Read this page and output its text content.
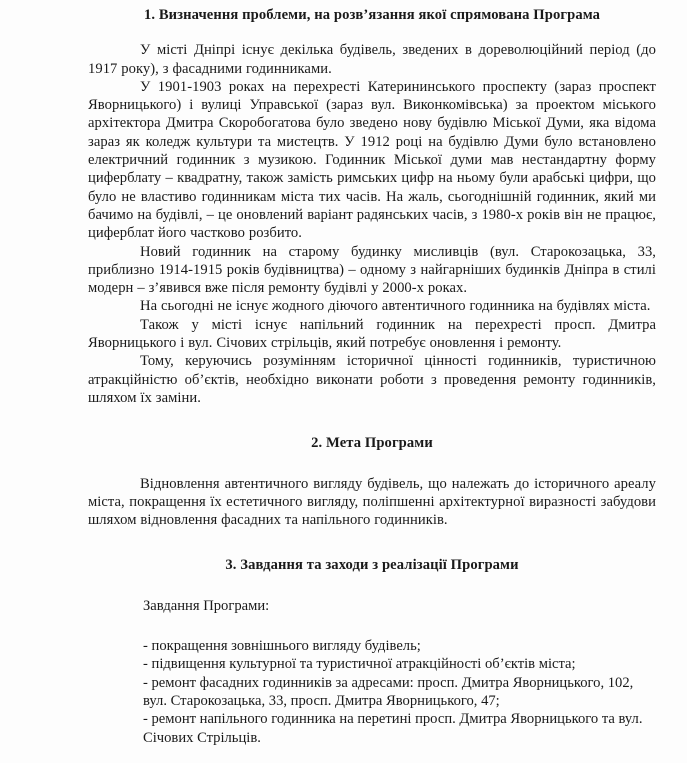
1. Визначення проблеми, на розв’язання якої спрямована Програма

У місті Дніпрі існує декілька будівель, зведених в дореволюційний період (до 1917 року), з фасадними годинниками.

У 1901-1903 роках на перехресті Катерининського проспекту (зараз проспект Яворницького) і вулиці Управської (зараз вул. Виконкомівська) за проектом міського архітектора Дмитра Скоробогатова було зведено нову будівлю Міської Думи, яка відома зараз як коледж культури та мистецтв. У 1912 році на будівлю Думи було встановлено електричний годинник з музикою. Годинник Міської думи мав нестандартну форму циферблату – квадратну, також замість римських цифр на ньому були арабські цифри, що було не властиво годинникам міста тих часів. На жаль, сьогоднішній годинник, який ми бачимо на будівлі, – це оновлений варіант радянських часів, з 1980-х років він не працює, циферблат його частково розбито.

Новий годинник на старому будинку мисливців (вул. Старокозацька, 33, приблизно 1914-1915 років будівництва) – одному з найгарніших будинків Дніпра в стилі модерн – з’явився вже після ремонту будівлі у 2000-х роках.

На сьогодні не існує жодного діючого автентичного годинника на будівлях міста.

Також у місті існує напільний годинник на перехресті просп. Дмитра Яворницького і вул. Січових стрільців, який потребує оновлення і ремонту.

Тому, керуючись розумінням історичної цінності годинників, туристичною атракційністю об’єктів, необхідно виконати роботи з проведення ремонту годинників, шляхом їх заміни.

2. Мета Програми

Відновлення автентичного вигляду будівель, що належать до історичного ареалу міста, покращення їх естетичного вигляду, поліпшенні архітектурної виразності забудови шляхом відновлення фасадних та напільного годинників.

3. Завдання та заходи з реалізації Програми

Завдання Програми:

- покращення зовнішнього вигляду будівель;
- підвищення культурної та туристичної атракційності об’єктів міста;
- ремонт фасадних годинників за адресами: просп. Дмитра Яворницького, 102, вул. Старокозацька, 33, просп. Дмитра Яворницького, 47;
- ремонт напільного годинника на перетині просп. Дмитра Яворницького та вул. Січових Стрільців.
